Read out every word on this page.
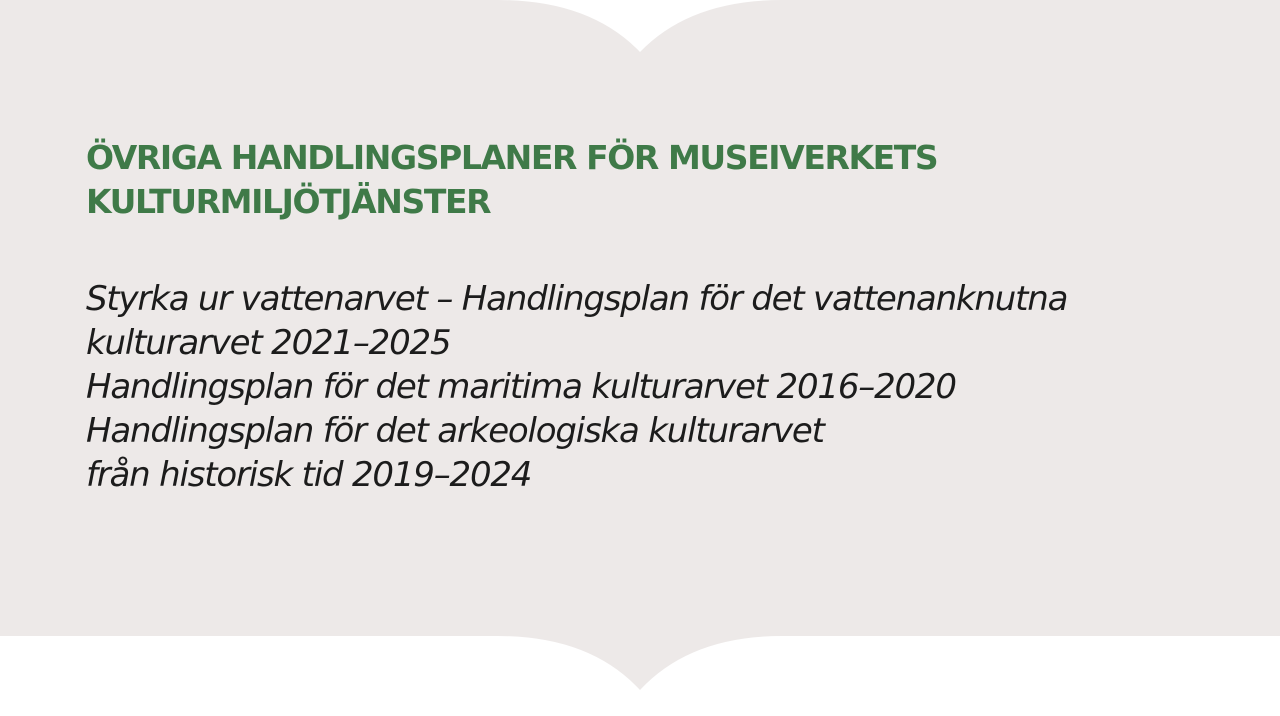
ÖVRIGA HANDLINGSPLANER FÖR MUSEIVERKETS
KULTURMILJÖTJÄNSTER
Styrka ur vattenarvet – Handlingsplan för det vattenanknutna
kulturarvet 2021–2025
Handlingsplan för det maritima kulturarvet 2016–2020
Handlingsplan för det arkeologiska kulturarvet
från historisk tid 2019–2024
